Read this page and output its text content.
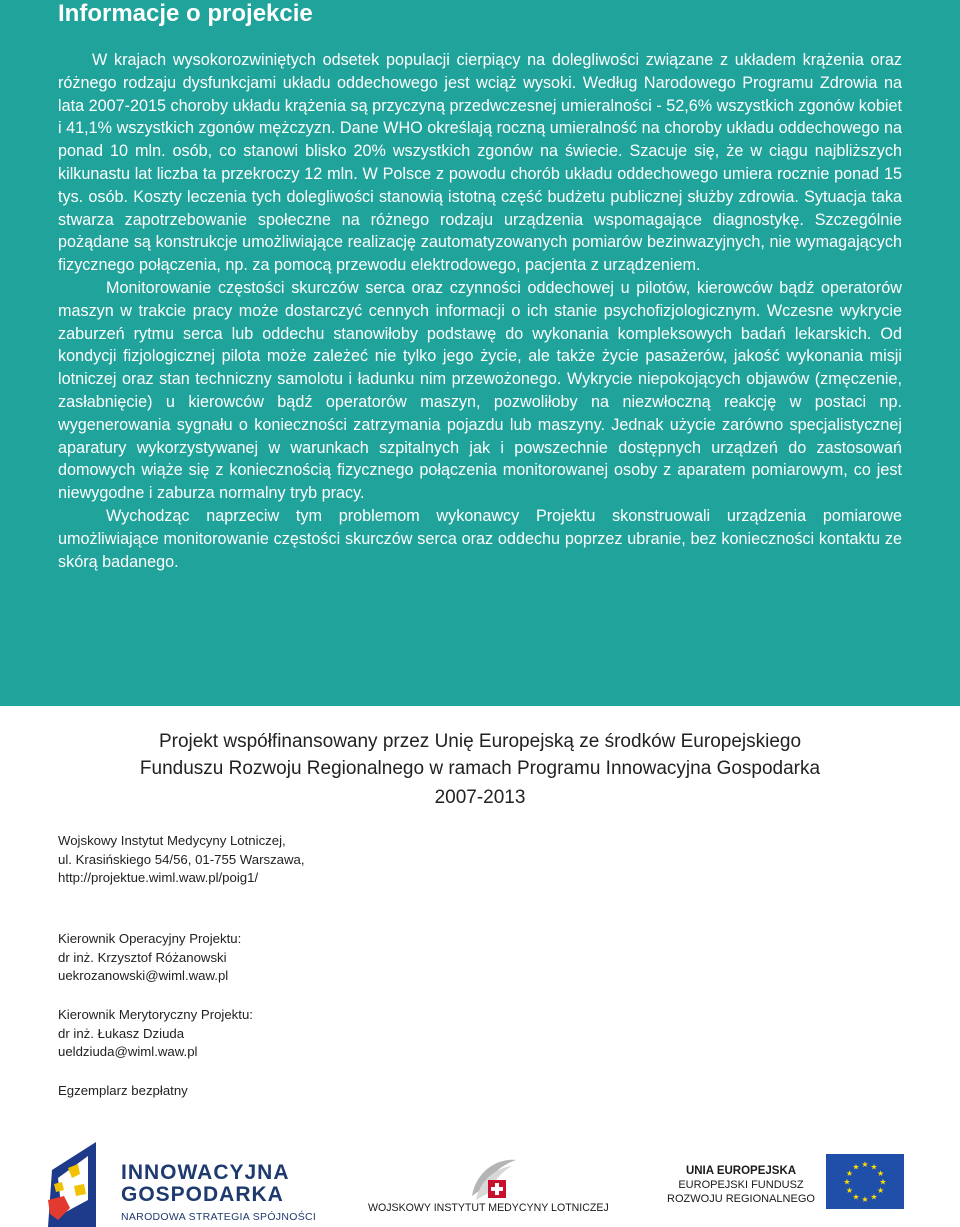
Informacje o projekcie

W krajach wysokorozwiniętych odsetek populacji cierpiący na dolegliwości związane z układem krążenia oraz różnego rodzaju dysfunkcjami układu oddechowego jest wciąż wysoki. Według Narodowego Programu Zdrowia na lata 2007-2015 choroby układu krążenia są przyczyną przedwczesnej umieralności - 52,6% wszystkich zgonów kobiet i 41,1% wszystkich zgonów mężczyzn. Dane WHO określają roczną umieralność na choroby układu oddechowego na ponad 10 mln. osób, co stanowi blisko 20% wszystkich zgonów na świecie. Szacuje się, że w ciągu najbliższych kilkunastu lat liczba ta przekroczy 12 mln. W Polsce z powodu chorób układu oddechowego umiera rocznie ponad 15 tys. osób. Koszty leczenia tych dolegliwości stanowią istotną część budżetu publicznej służby zdrowia. Sytuacja taka stwarza zapotrzebowanie społeczne na różnego rodzaju urządzenia wspomagające diagnostykę. Szczególnie pożądane są konstrukcje umożliwiające realizację zautomatyzowanych pomiarów bezinwazyjnych, nie wymagających fizycznego połączenia, np. za pomocą przewodu elektrodowego, pacjenta z urządzeniem.

Monitorowanie częstości skurczów serca oraz czynności oddechowej u pilotów, kierowców bądź operatorów maszyn w trakcie pracy może dostarczyć cennych informacji o ich stanie psychofizjologicznym. Wczesne wykrycie zaburzeń rytmu serca lub oddechu stanowiłoby podstawę do wykonania kompleksowych badań lekarskich. Od kondycji fizjologicznej pilota może zależeć nie tylko jego życie, ale także życie pasażerów, jakość wykonania misji lotniczej oraz stan techniczny samolotu i ładunku nim przewożonego. Wykrycie niepokojących objawów (zmęczenie, zasłabnięcie) u kierowców bądź operatorów maszyn, pozwoliłoby na niezwłoczną reakcję w postaci np. wygenerowania sygnału o konieczności zatrzymania pojazdu lub maszyny. Jednak użycie zarówno specjalistycznej aparatury wykorzystywanej w warunkach szpitalnych jak i powszechnie dostępnych urządzeń do zastosowań domowych wiąże się z koniecznością fizycznego połączenia monitorowanej osoby z aparatem pomiarowym, co jest niewygodne i zaburza normalny tryb pracy.

Wychodząc naprzeciw tym problemom wykonawcy Projektu skonstruowali urządzenia pomiarowe umożliwiające monitorowanie częstości skurczów serca oraz oddechu poprzez ubranie, bez konieczności kontaktu ze skórą badanego.

Projekt współfinansowany przez Unię Europejską ze środków Europejskiego
Funduszu Rozwoju Regionalnego w ramach Programu Innowacyjna Gospodarka
2007-2013
Wojskowy Instytut Medycyny Lotniczej,
ul. Krasińskiego 54/56, 01-755 Warszawa,
http://projektue.wiml.waw.pl/poig1/
Kierownik Operacyjny Projektu:
dr inż. Krzysztof Różanowski
uekrozanowski@wiml.waw.pl
Kierownik Merytoryczny Projektu:
dr inż. Łukasz Dziuda
ueldziuda@wiml.waw.pl
Egzemplarz bezpłatny
INNOWACYJNA
GOSPODARKA
NARODOWA STRATEGIA SPÓJNOŚCI
WOJSKOWY INSTYTUT MEDYCYNY LOTNICZEJ
UNIA EUROPEJSKA
EUROPEJSKI FUNDUSZ
ROZWOJU REGIONALNEGO
★ ★
★
★
★
★
★
★
★
★
★
★
